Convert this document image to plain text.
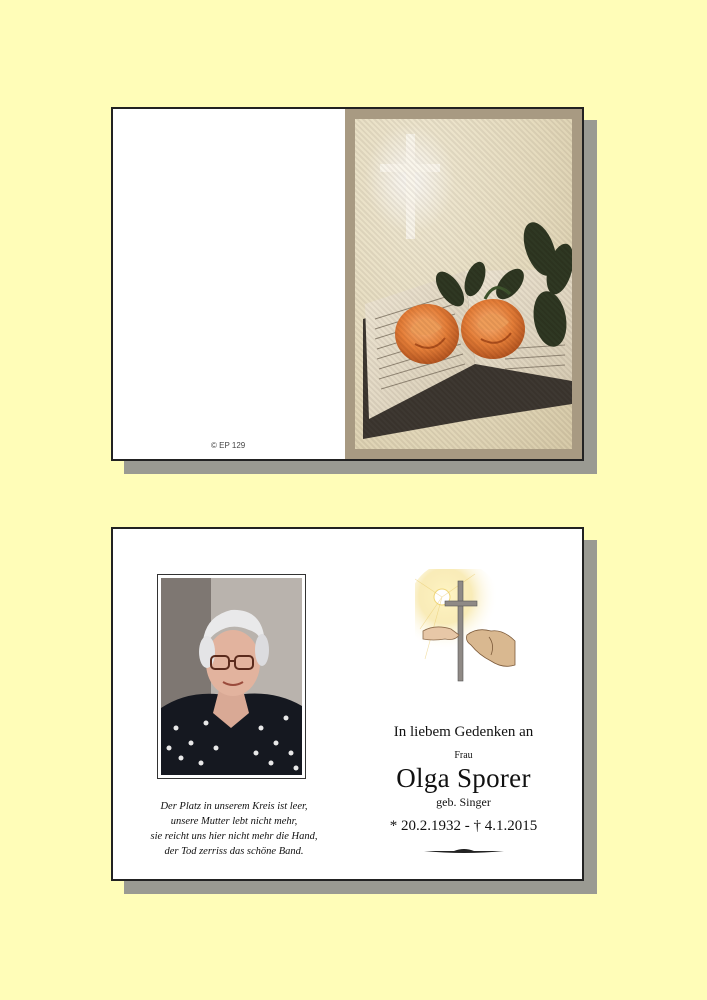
© EP 129
Der Platz in unserem Kreis ist leer,
unsere Mutter lebt nicht mehr,
sie reicht uns hier nicht mehr die Hand,
der Tod zerriss das schöne Band.
In liebem Gedenken an
Frau
Olga Sporer
geb. Singer
* 20.2.1932 - † 4.1.2015
